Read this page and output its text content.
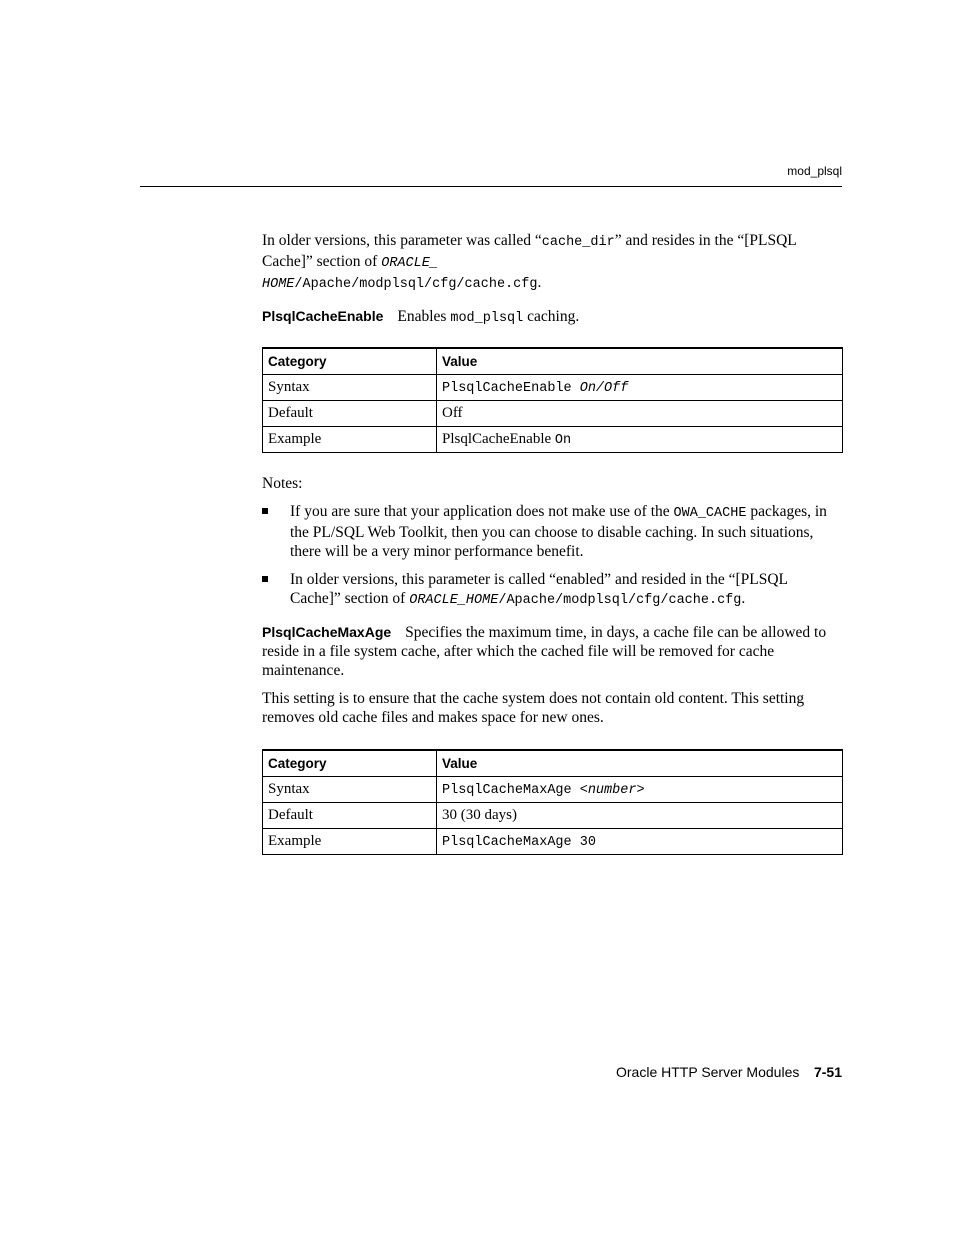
mod_plsql

In older versions, this parameter was called “cache_dir” and resides in the “[PLSQL Cache]” section of ORACLE_
HOME/Apache/modplsql/cfg/cache.cfg.

PlsqlCacheEnable Enables mod_plsql caching.

Category	Value
Syntax	PlsqlCacheEnable On/Off
Default	Off
Example	PlsqlCacheEnable On

Notes:

If you are sure that your application does not make use of the OWA_CACHE packages, in the PL/SQL Web Toolkit, then you can choose to disable caching. In such situations, there will be a very minor performance benefit.
In older versions, this parameter is called “enabled” and resided in the “[PLSQL Cache]” section of ORACLE_HOME/Apache/modplsql/cfg/cache.cfg.

PlsqlCacheMaxAge Specifies the maximum time, in days, a cache file can be allowed to reside in a file system cache, after which the cached file will be removed for cache maintenance.

This setting is to ensure that the cache system does not contain old content. This setting removes old cache files and makes space for new ones.

Category	Value
Syntax	PlsqlCacheMaxAge <number>
Default	30 (30 days)
Example	PlsqlCacheMaxAge 30
Oracle HTTP Server Modules 7-51
